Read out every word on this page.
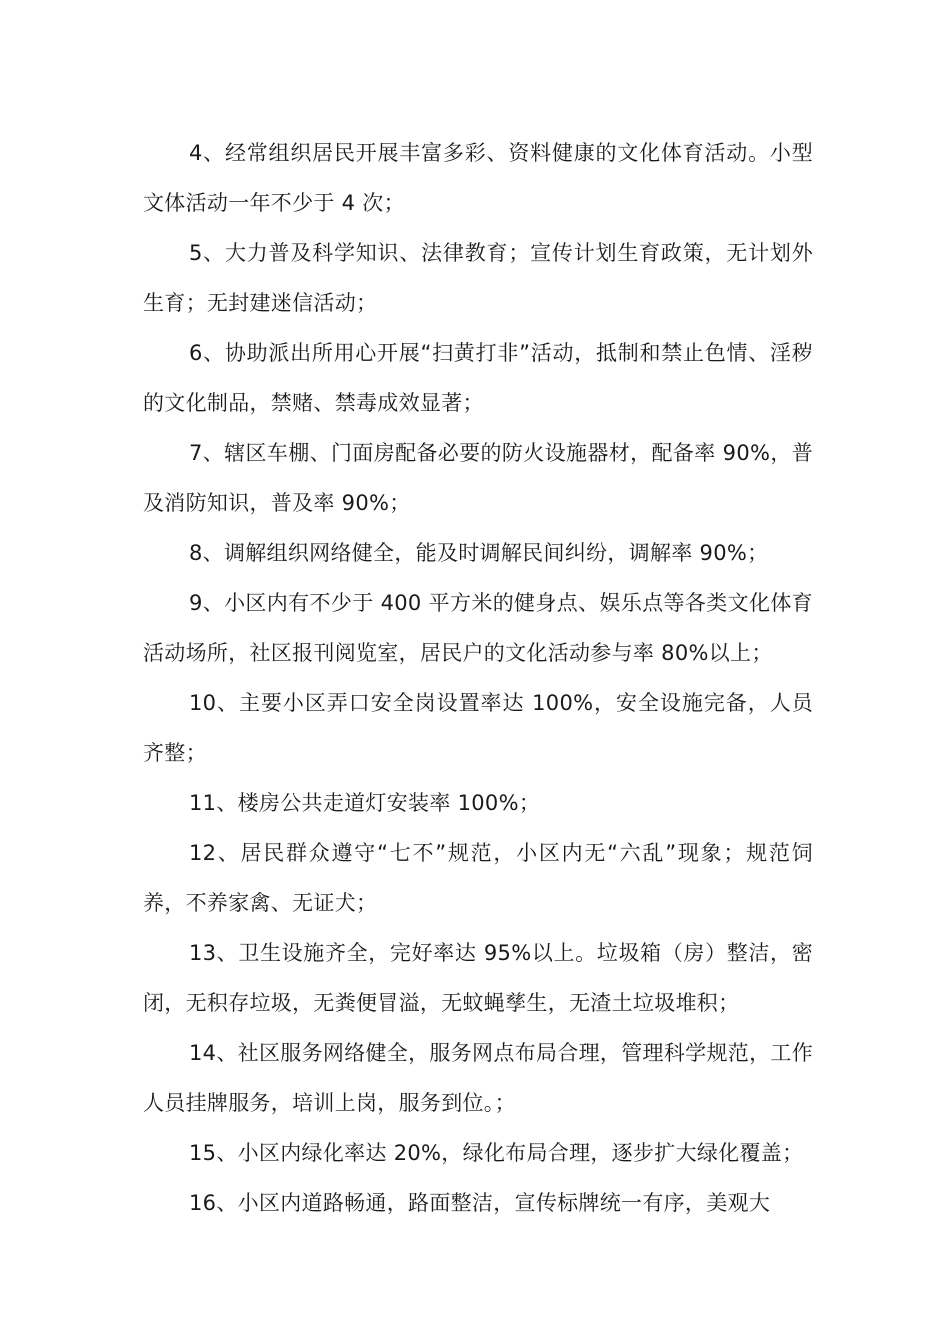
4、经常组织居民开展丰富多彩、资料健康的文化体育活动。小型文体活动一年不少于 4 次；

5、大力普及科学知识、法律教育；宣传计划生育政策，无计划外生育；无封建迷信活动；

6、协助派出所用心开展“扫黄打非”活动，抵制和禁止色情、淫秽的文化制品，禁赌、禁毒成效显著；

7、辖区车棚、门面房配备必要的防火设施器材，配备率 90%，普及消防知识，普及率 90%；

8、调解组织网络健全，能及时调解民间纠纷，调解率 90%；

9、小区内有不少于 400 平方米的健身点、娱乐点等各类文化体育活动场所，社区报刊阅览室，居民户的文化活动参与率 80%以上；

10、主要小区弄口安全岗设置率达 100%，安全设施完备，人员齐整；

11、楼房公共走道灯安装率 100%；

12、居民群众遵守“七不”规范，小区内无“六乱”现象；规范饲养，不养家禽、无证犬；

13、卫生设施齐全，完好率达 95%以上。垃圾箱（房）整洁，密闭，无积存垃圾，无粪便冒溢，无蚊蝇孳生，无渣土垃圾堆积；

14、社区服务网络健全，服务网点布局合理，管理科学规范，工作人员挂牌服务，培训上岗，服务到位。；

15、小区内绿化率达 20%，绿化布局合理，逐步扩大绿化覆盖；

16、小区内道路畅通，路面整洁，宣传标牌统一有序，美观大
